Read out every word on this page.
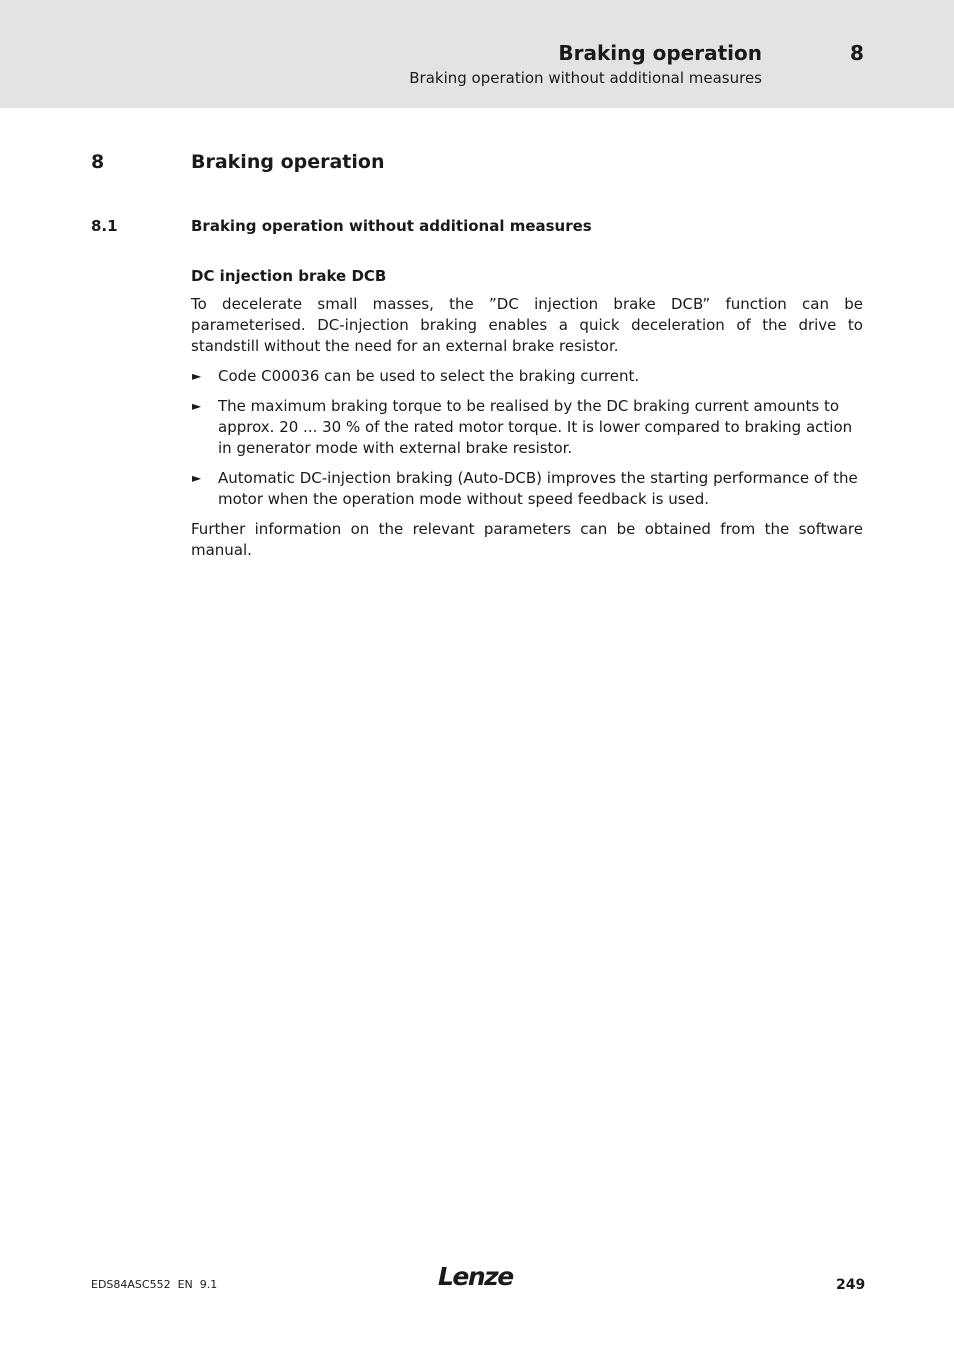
Braking operation	8
Braking operation without additional measures
8	Braking operation
8.1	Braking operation without additional measures
DC injection brake DCB

To decelerate small masses, the ”DC injection brake DCB” function can be parameterised. DC-injection braking enables a quick deceleration of the drive to standstill without the need for an external brake resistor.

► Code C00036 can be used to select the braking current.
► The maximum braking torque to be realised by the DC braking current amounts to approx. 20 ... 30 % of the rated motor torque. It is lower compared to braking action in generator mode with external brake resistor.
► Automatic DC-injection braking (Auto-DCB) improves the starting performance of the motor when the operation mode without speed feedback is used.

Further information on the relevant parameters can be obtained from the software manual.

EDS84ASC552  EN  9.1	Lenze	249
